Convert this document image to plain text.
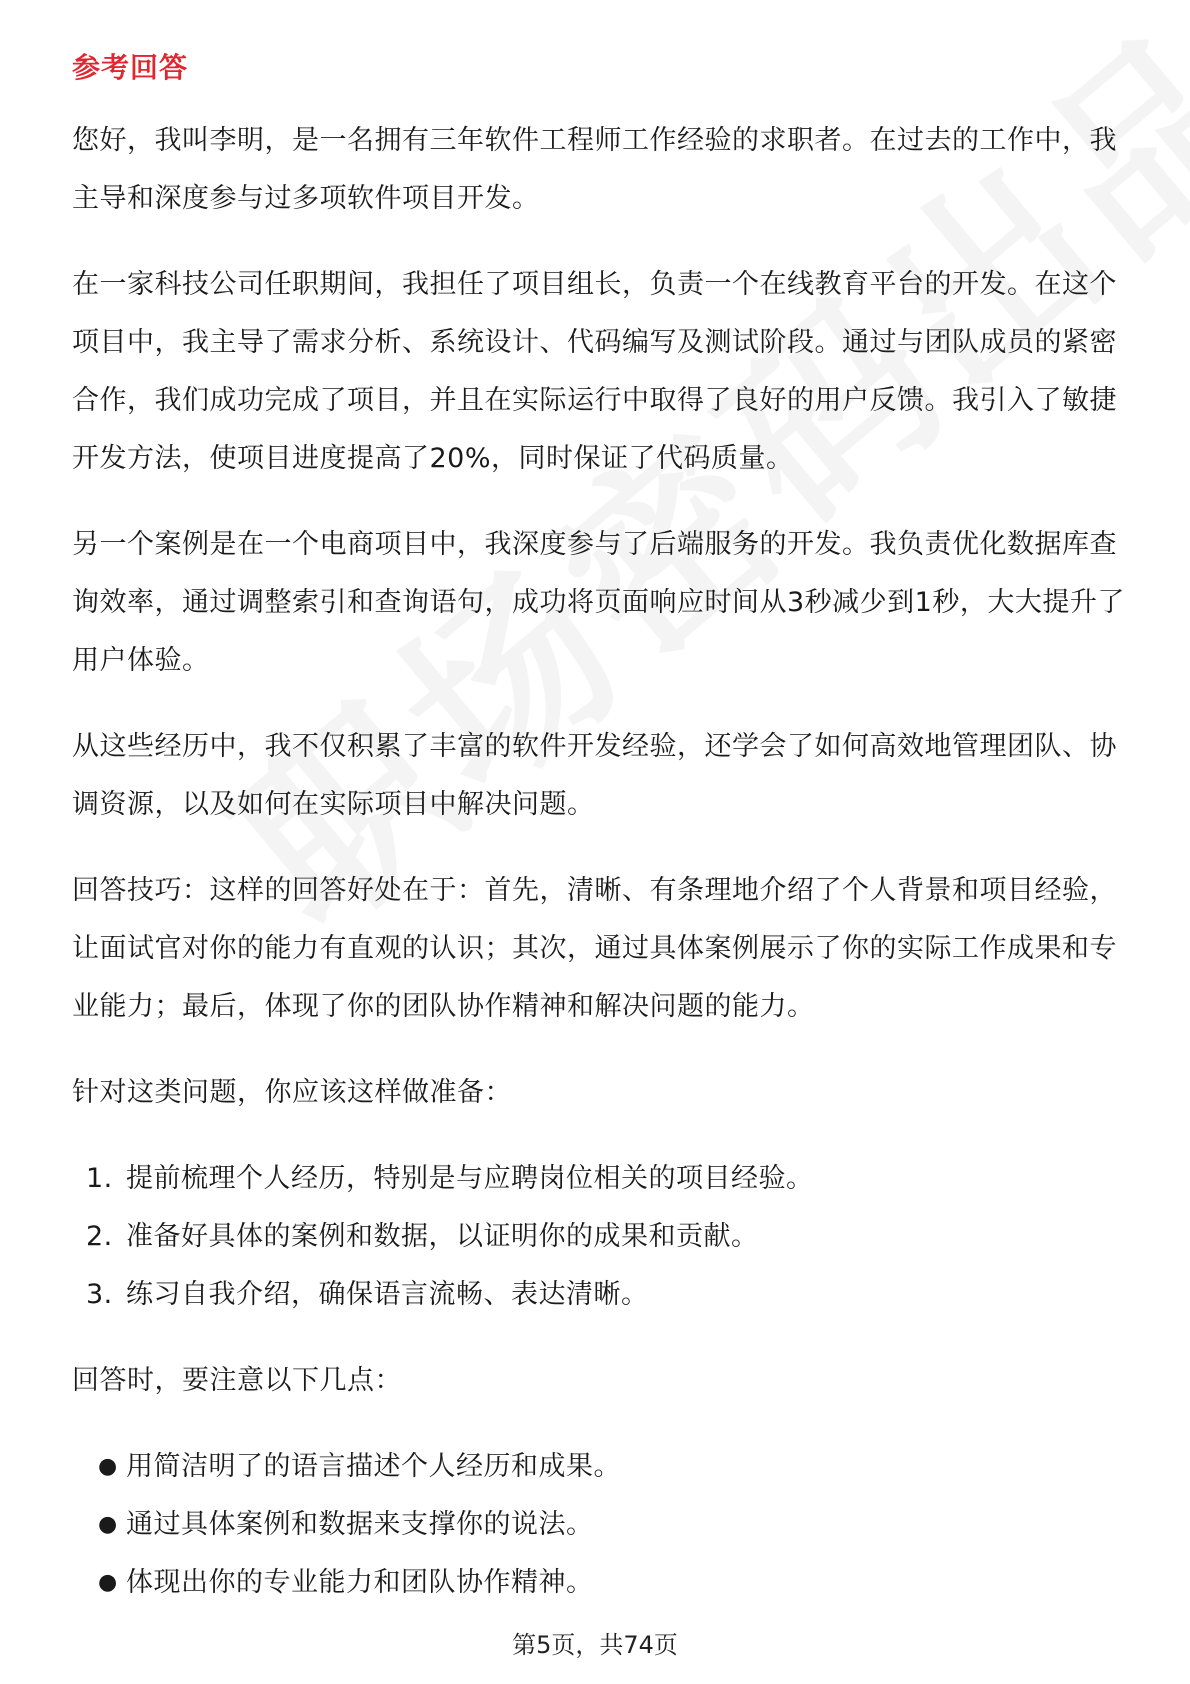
参考回答

您好，我叫李明，是一名拥有三年软件工程师工作经验的求职者。在过去的工作中，我主导和深度参与过多项软件项目开发。

在一家科技公司任职期间，我担任了项目组长，负责一个在线教育平台的开发。在这个项目中，我主导了需求分析、系统设计、代码编写及测试阶段。通过与团队成员的紧密合作，我们成功完成了项目，并且在实际运行中取得了良好的用户反馈。我引入了敏捷开发方法，使项目进度提高了20%，同时保证了代码质量。

另一个案例是在一个电商项目中，我深度参与了后端服务的开发。我负责优化数据库查询效率，通过调整索引和查询语句，成功将页面响应时间从3秒减少到1秒，大大提升了用户体验。

从这些经历中，我不仅积累了丰富的软件开发经验，还学会了如何高效地管理团队、协调资源，以及如何在实际项目中解决问题。

回答技巧：这样的回答好处在于：首先，清晰、有条理地介绍了个人背景和项目经验，让面试官对你的能力有直观的认识；其次，通过具体案例展示了你的实际工作成果和专业能力；最后，体现了你的团队协作精神和解决问题的能力。

针对这类问题，你应该这样做准备：

1. 提前梳理个人经历，特别是与应聘岗位相关的项目经验。
2. 准备好具体的案例和数据，以证明你的成果和贡献。
3. 练习自我介绍，确保语言流畅、表达清晰。

回答时，要注意以下几点：

● 用简洁明了的语言描述个人经历和成果。
● 通过具体案例和数据来支撑你的说法。
● 体现出你的专业能力和团队协作精神。
第5页，共74页
